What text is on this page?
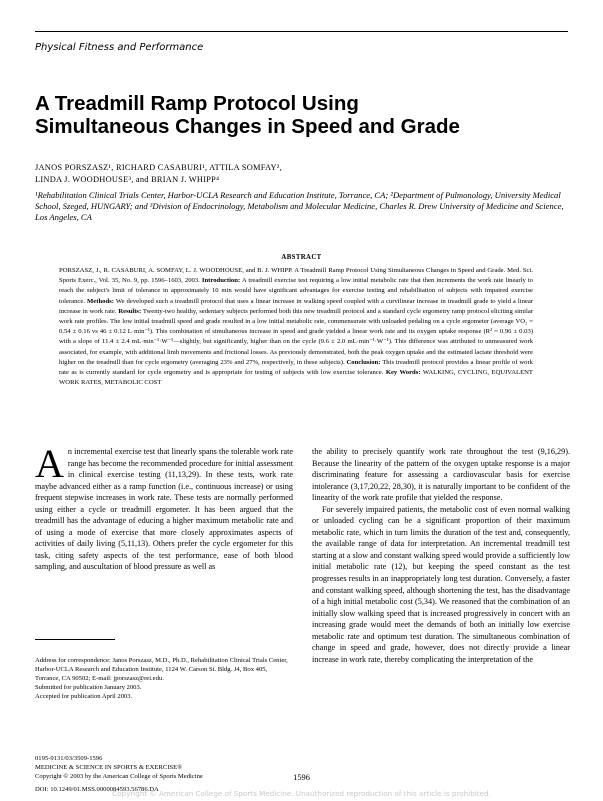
Physical Fitness and Performance
A Treadmill Ramp Protocol Using
Simultaneous Changes in Speed and Grade
JANOS PORSZASZ¹, RICHARD CASABURI¹, ATTILA SOMFAY²,
LINDA J. WOODHOUSE³, and BRIAN J. WHIPP⁴
¹Rehabilitation Clinical Trials Center, Harbor-UCLA Research and Education Institute, Torrance, CA; ²Department of Pulmonology, University Medical School, Szeged, HUNGARY; and ³Division of Endocrinology, Metabolism and Molecular Medicine, Charles R. Drew University of Medicine and Science, Los Angeles, CA
ABSTRACT
PORSZASZ, J., R. CASABURI, A. SOMFAY, L. J. WOODHOUSE, and B. J. WHIPP. A Treadmill Ramp Protocol Using Simultaneous Changes in Speed and Grade. Med. Sci. Sports Exerc., Vol. 35, No. 9, pp. 1596–1603, 2003. Introduction: A treadmill exercise test requiring a low initial metabolic rate that then increments the work rate linearly to reach the subject's limit of tolerance in approximately 10 min would have significant advantages for exercise testing and rehabilitation of subjects with impaired exercise tolerance. Methods: We developed such a treadmill protocol that uses a linear increase in walking speed coupled with a curvilinear increase in treadmill grade to yield a linear increase in work rate. Results: Twenty-two healthy, sedentary subjects performed both this new treadmill protocol and a standard cycle ergometry ramp protocol eliciting similar work rate profiles. The low initial treadmill speed and grade resulted in a low initial metabolic rate, commensurate with unloaded pedaling on a cycle ergometer (average VO₂ = 0.54 ± 0.16 vs 46 ± 0.12 L·min⁻¹). This combination of simultaneous increase in speed and grade yielded a linear work rate and its oxygen uptake response (R² = 0.96 ± 0.03) with a slope of 11.4 ± 2.4 mL·min⁻¹·W⁻¹—slightly, but significantly, higher than on the cycle (9.6 ± 2.0 mL·min⁻¹·W⁻¹). This difference was attributed to unmeasured work associated, for example, with additional limb movements and frictional losses. As previously demonstrated, both the peak oxygen uptake and the estimated lactate threshold were higher on the treadmill than for cycle ergometry (averaging 23% and 27%, respectively, in these subjects). Conclusion: This treadmill protocol provides a linear profile of work rate as is currently standard for cycle ergometry and is appropriate for testing of subjects with low exercise tolerance. Key Words: WALKING, CYCLING, EQUIVALENT WORK RATES, METABOLIC COST
A n incremental exercise test that linearly spans the tolerable work rate range has become the recommended procedure for initial assessment in clinical exercise testing (11,13,29). In these tests, work rate maybe advanced either as a ramp function (i.e., continuous increase) or using frequent stepwise increases in work rate. These tests are normally performed using either a cycle or treadmill ergometer. It has been argued that the treadmill has the advantage of educing a higher maximum metabolic rate and of using a mode of exercise that more closely approximates aspects of activities of daily living (5,11,13). Others prefer the cycle ergometer for this task, citing safety aspects of the test performance, ease of both blood sampling, and auscultation of blood pressure as well as

Address for correspondence: Janos Porszasz, M.D., Ph.D., Rehabilitation Clinical Trials Center, Harbor-UCLA Research and Education Institute, 1124 W. Carson St. Bldg. J4, Box 405, Torrance, CA 90502; E-mail: jporszasz@rei.edu.

Submitted for publication January 2003.

Accepted for publication April 2003.

0195-9131/03/3509-1596

MEDICINE & SCIENCE IN SPORTS & EXERCISE®

Copyright © 2003 by the American College of Sports Medicine

DOI: 10.1249/01.MSS.0000084593.56786.DA

the ability to precisely quantify work rate throughout the test (9,16,29). Because the linearity of the pattern of the oxygen uptake response is a major discriminating feature for assessing a cardiovascular basis for exercise intolerance (3,17,20,22, 28,30), it is naturally important to be confident of the linearity of the work rate profile that yielded the response.

For severely impaired patients, the metabolic cost of even normal walking or unloaded cycling can be a significant proportion of their maximum metabolic rate, which in turn limits the duration of the test and, consequently, the available range of data for interpretation. An incremental treadmill test starting at a slow and constant walking speed would provide a sufficiently low initial metabolic rate (12), but keeping the speed constant as the test progresses results in an inappropriately long test duration. Conversely, a faster and constant walking speed, although shortening the test, has the disadvantage of a high initial metabolic cost (5,34). We reasoned that the combination of an initially slow walking speed that is increased progressively in concert with an increasing grade would meet the demands of both an initially low exercise metabolic rate and optimum test duration. The simultaneous combination of change in speed and grade, however, does not directly provide a linear increase in work rate, thereby complicating the interpretation of the

1596
Copyright © American College of Sports Medicine. Unauthorized reproduction of this article is prohibited.
